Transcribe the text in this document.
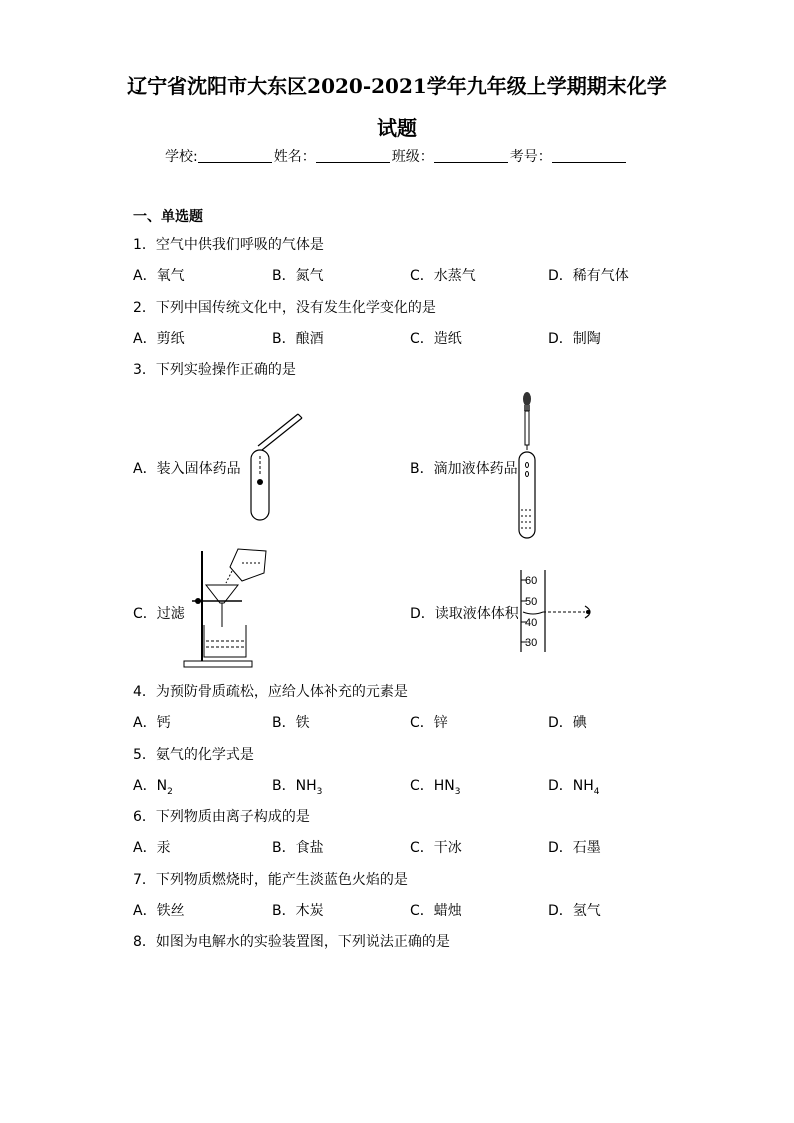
辽宁省沈阳市大东区2020-2021学年九年级上学期期末化学
试题
学校:	姓名：	班级：	考号：
一、单选题
1．空气中供我们呼吸的气体是
A．氧气	B．氮气	C．水蒸气	D．稀有气体
2．下列中国传统文化中，没有发生化学变化的是
A．剪纸	B．酿酒	C．造纸	D．制陶
3．下列实验操作正确的是
A．装入固体药品	B．滴加液体药品
C．过滤	D．读取液体体积
60
50
40
30
4．为预防骨质疏松，应给人体补充的元素是
A．钙	B．铁	C．锌	D．碘
5．氨气的化学式是
A．$N_2$	B．$NH_3$	C．$HN_3$	D．$NH_4$
6．下列物质由离子构成的是
A．汞	B．食盐	C．干冰	D．石墨
7．下列物质燃烧时，能产生淡蓝色火焰的是
A．铁丝	B．木炭	C．蜡烛	D．氢气
8．如图为电解水的实验装置图，下列说法正确的是
